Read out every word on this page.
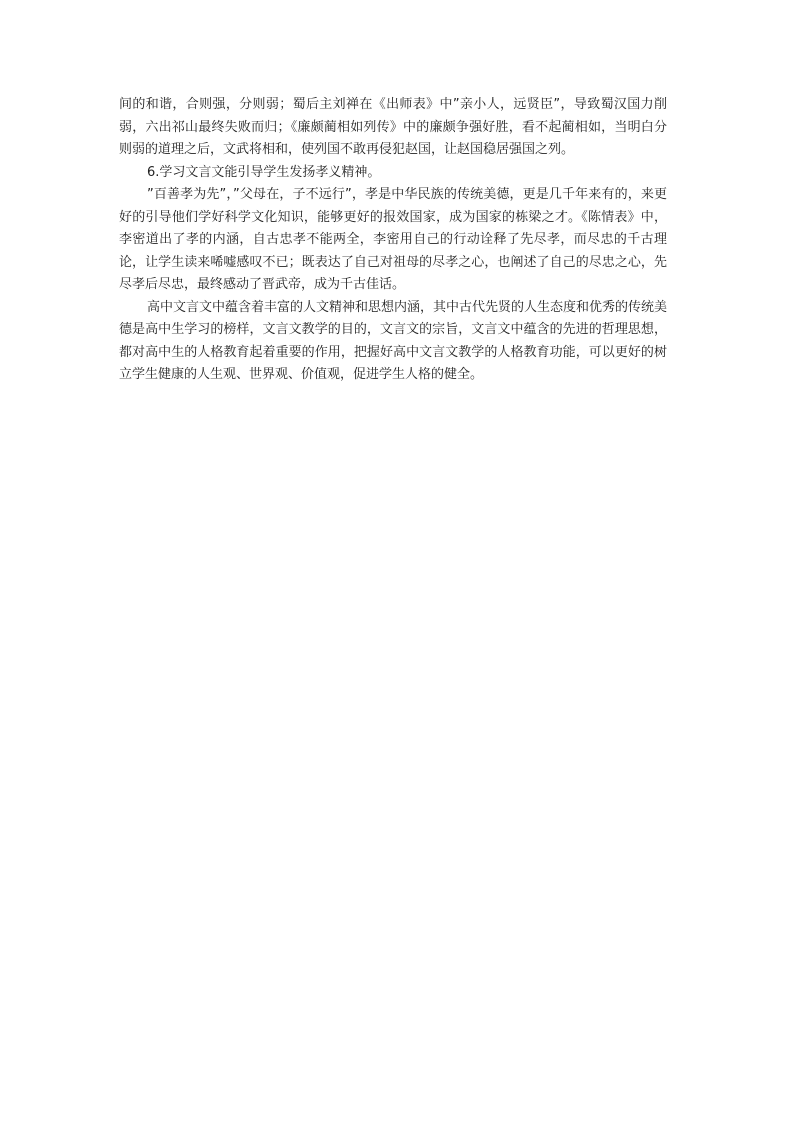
间的和谐，合则强，分则弱；蜀后主刘禅在《出师表》中”亲小人，远贤臣”，导致蜀汉国力削弱，六出祁山最终失败而归；《廉颇蔺相如列传》中的廉颇争强好胜，看不起蔺相如，当明白分则弱的道理之后，文武将相和，使列国不敢再侵犯赵国，让赵国稳居强国之列。

6.学习文言文能引导学生发扬孝义精神。

”百善孝为先”，”父母在，子不远行”，孝是中华民族的传统美德，更是几千年来有的，来更好的引导他们学好科学文化知识，能够更好的报效国家，成为国家的栋梁之才。《陈情表》中，李密道出了孝的内涵，自古忠孝不能两全，李密用自己的行动诠释了先尽孝，而尽忠的千古理论，让学生读来唏嘘感叹不已；既表达了自己对祖母的尽孝之心，也阐述了自己的尽忠之心，先尽孝后尽忠，最终感动了晋武帝，成为千古佳话。

高中文言文中蕴含着丰富的人文精神和思想内涵，其中古代先贤的人生态度和优秀的传统美德是高中生学习的榜样，文言文教学的目的，文言文的宗旨，文言文中蕴含的先进的哲理思想，都对高中生的人格教育起着重要的作用，把握好高中文言文教学的人格教育功能，可以更好的树立学生健康的人生观、世界观、价值观，促进学生人格的健全。
